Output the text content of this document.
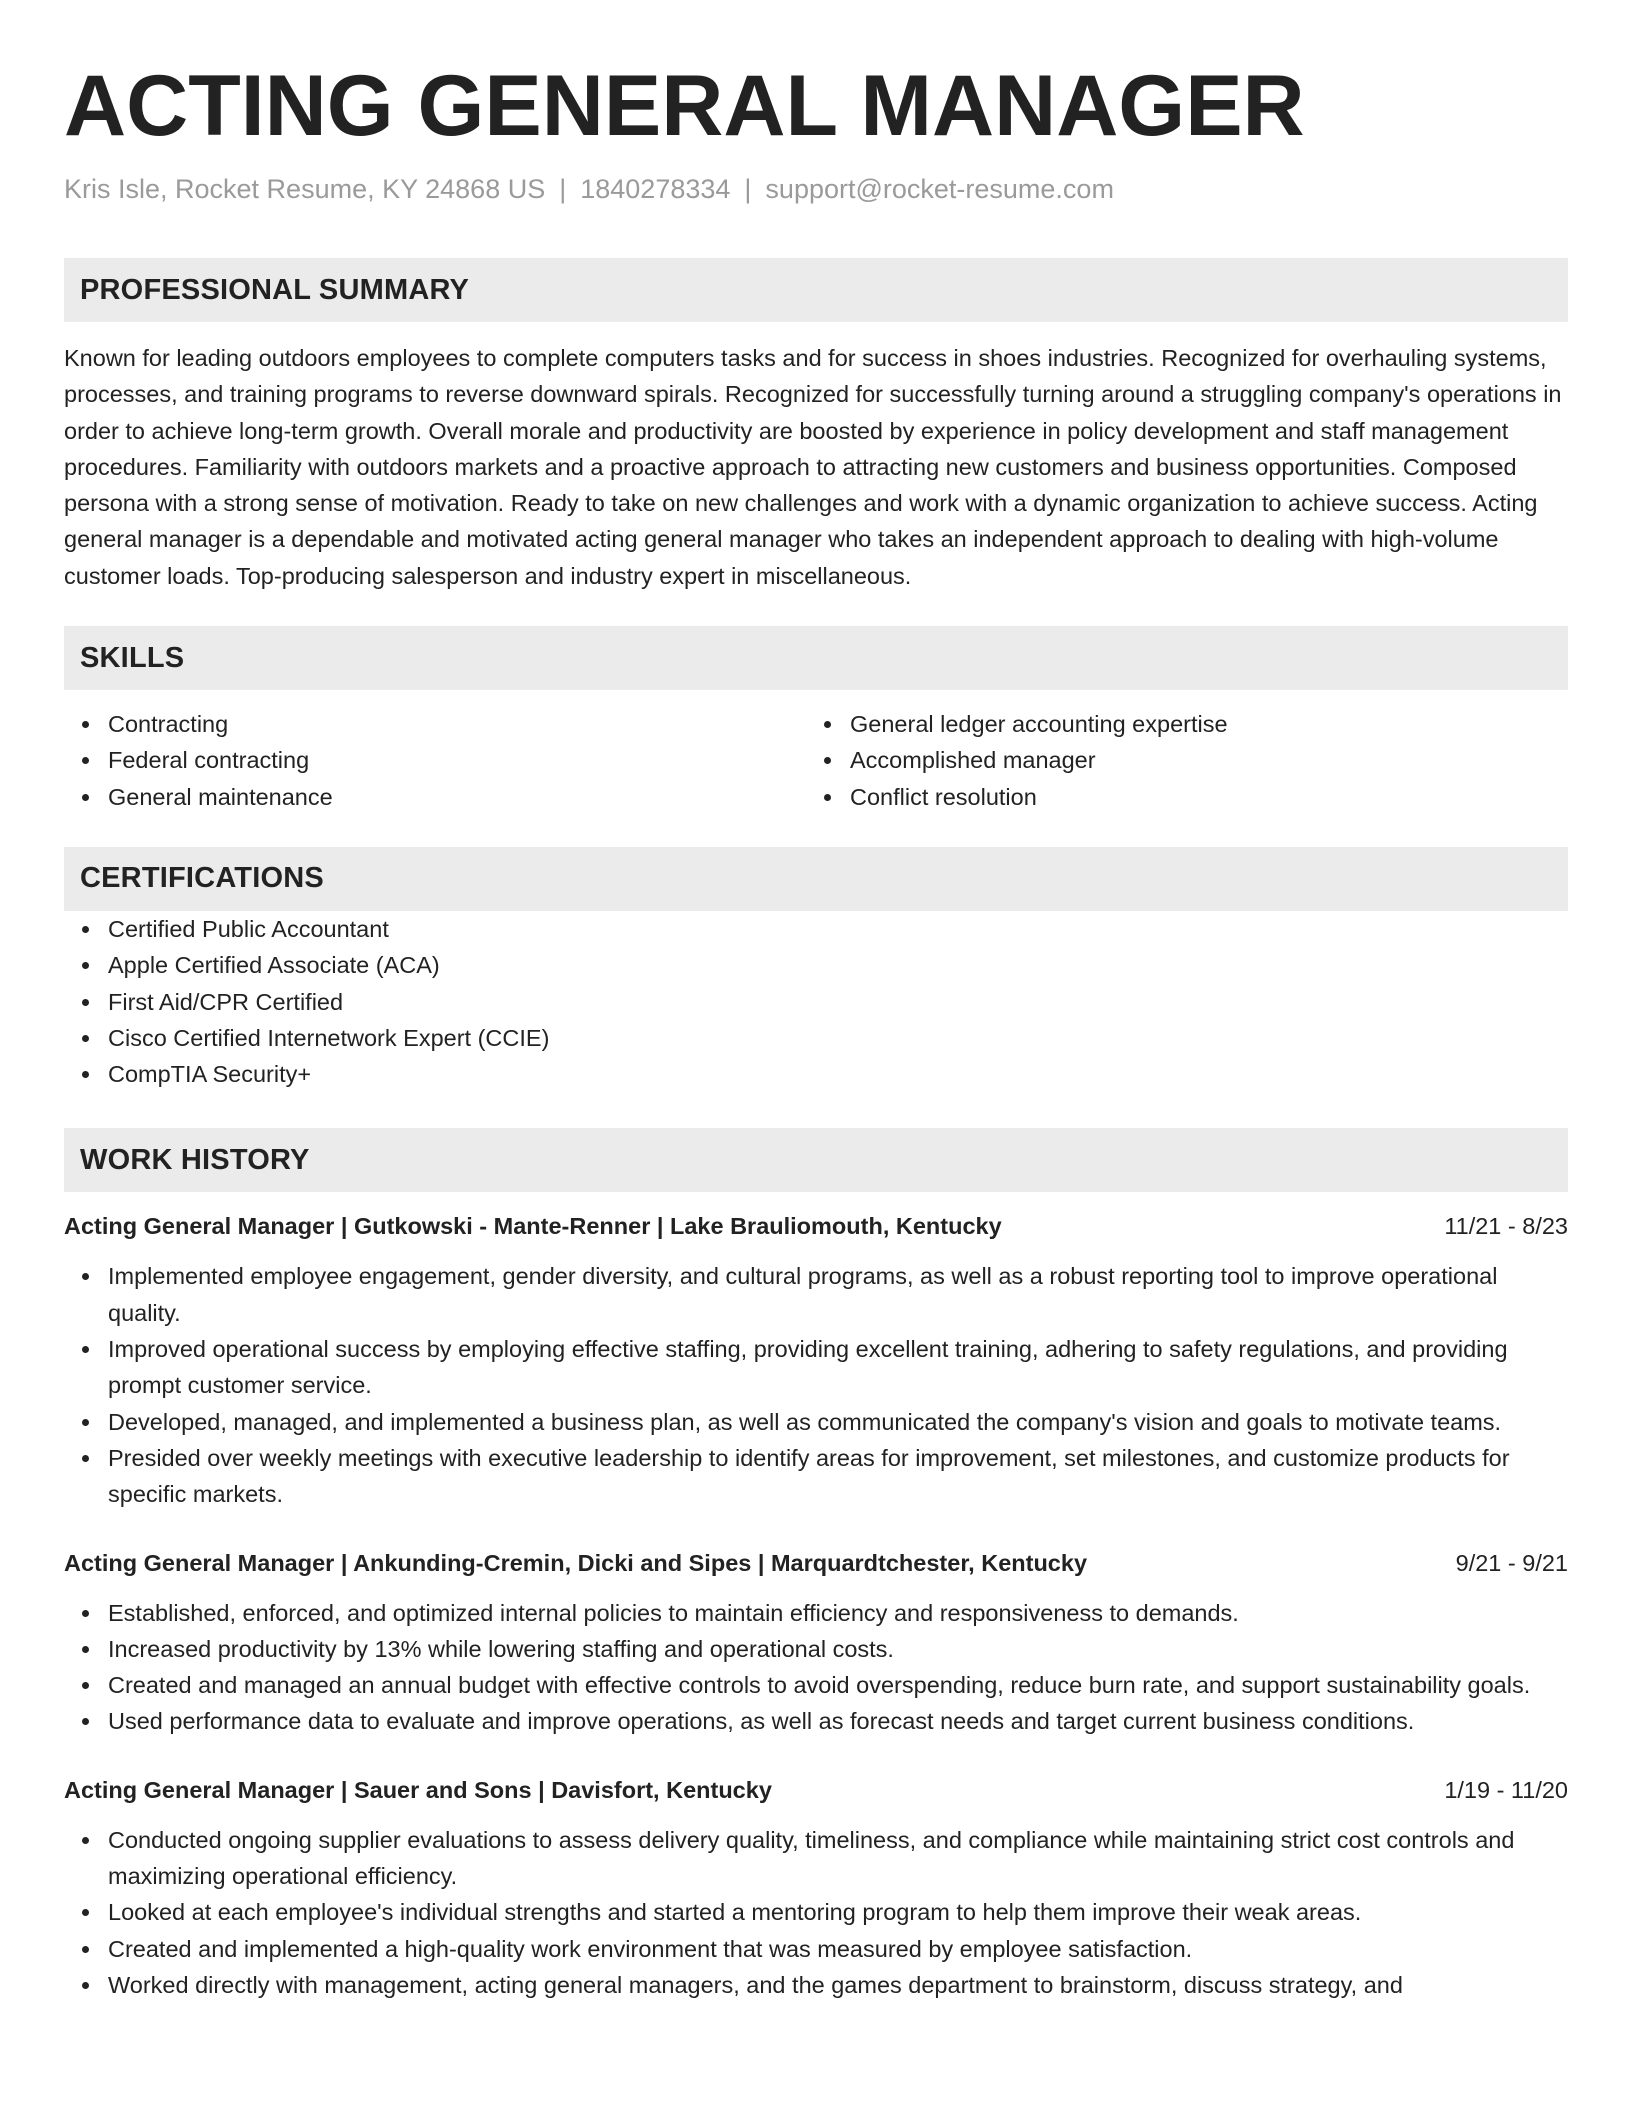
ACTING GENERAL MANAGER
Kris Isle, Rocket Resume, KY 24868 US | 1840278334 | support@rocket-resume.com
PROFESSIONAL SUMMARY

Known for leading outdoors employees to complete computers tasks and for success in shoes industries. Recognized for overhauling systems, processes, and training programs to reverse downward spirals. Recognized for successfully turning around a struggling company's operations in order to achieve long-term growth. Overall morale and productivity are boosted by experience in policy development and staff management procedures. Familiarity with outdoors markets and a proactive approach to attracting new customers and business opportunities. Composed persona with a strong sense of motivation. Ready to take on new challenges and work with a dynamic organization to achieve success. Acting general manager is a dependable and motivated acting general manager who takes an independent approach to dealing with high-volume customer loads. Top-producing salesperson and industry expert in miscellaneous.

SKILLS
Contracting
Federal contracting
General maintenance
General ledger accounting expertise
Accomplished manager
Conflict resolution
CERTIFICATIONS
Certified Public Accountant
Apple Certified Associate (ACA)
First Aid/CPR Certified
Cisco Certified Internetwork Expert (CCIE)
CompTIA Security+
WORK HISTORY
Acting General Manager | Gutkowski - Mante-Renner | Lake Brauliomouth, Kentucky	11/21 - 8/23
Implemented employee engagement, gender diversity, and cultural programs, as well as a robust reporting tool to improve operational quality.
Improved operational success by employing effective staffing, providing excellent training, adhering to safety regulations, and providing prompt customer service.
Developed, managed, and implemented a business plan, as well as communicated the company's vision and goals to motivate teams.
Presided over weekly meetings with executive leadership to identify areas for improvement, set milestones, and customize products for specific markets.
Acting General Manager | Ankunding-Cremin, Dicki and Sipes | Marquardtchester, Kentucky	9/21 - 9/21
Established, enforced, and optimized internal policies to maintain efficiency and responsiveness to demands.
Increased productivity by 13% while lowering staffing and operational costs.
Created and managed an annual budget with effective controls to avoid overspending, reduce burn rate, and support sustainability goals.
Used performance data to evaluate and improve operations, as well as forecast needs and target current business conditions.
Acting General Manager | Sauer and Sons | Davisfort, Kentucky	1/19 - 11/20
Conducted ongoing supplier evaluations to assess delivery quality, timeliness, and compliance while maintaining strict cost controls and maximizing operational efficiency.
Looked at each employee's individual strengths and started a mentoring program to help them improve their weak areas.
Created and implemented a high-quality work environment that was measured by employee satisfaction.
Worked directly with management, acting general managers, and the games department to brainstorm, discuss strategy, and
